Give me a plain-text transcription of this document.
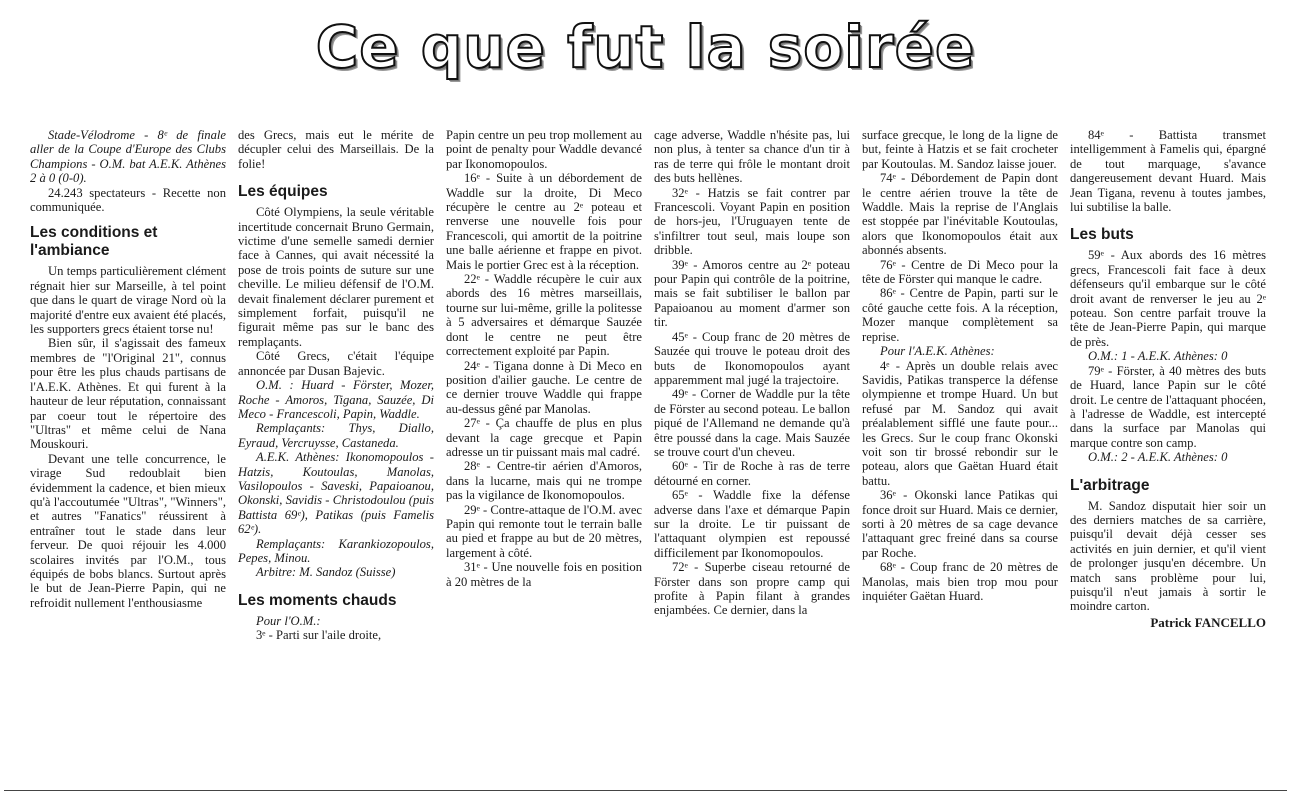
Ce que fut la soirée

Stade-Vélodrome - 8ᵉ de finale aller de la Coupe d'Europe des Clubs Champions - O.M. bat A.E.K. Athènes 2 à 0 (0-0).

24.243 spectateurs - Recette non communiquée.

Les conditions et l'ambiance

Un temps particulièrement clément régnait hier sur Marseille, à tel point que dans le quart de virage Nord où la majorité d'entre eux avaient été placés, les supporters grecs étaient torse nu!

Bien sûr, il s'agissait des fameux membres de "l'Original 21", connus pour être les plus chauds partisans de l'A.E.K. Athènes. Et qui furent à la hauteur de leur réputation, connaissant par coeur tout le répertoire des "Ultras" et même celui de Nana Mouskouri.

Devant une telle concurrence, le virage Sud redoublait bien évidemment la cadence, et bien mieux qu'à l'accoutumée "Ultras", "Winners", et autres "Fanatics" réussirent à entraîner tout le stade dans leur ferveur. De quoi réjouir les 4.000 scolaires invités par l'O.M., tous équipés de bobs blancs. Surtout après le but de Jean-Pierre Papin, qui ne refroidit nullement l'enthousiasme

des Grecs, mais eut le mérite de décupler celui des Marseillais. De la folie!

Les équipes

Côté Olympiens, la seule véritable incertitude concernait Bruno Germain, victime d'une semelle samedi dernier face à Cannes, qui avait nécessité la pose de trois points de suture sur une cheville. Le milieu défensif de l'O.M. devait finalement déclarer purement et simplement forfait, puisqu'il ne figurait même pas sur le banc des remplaçants.

Côté Grecs, c'était l'équipe annoncée par Dusan Bajevic.

O.M. : Huard - Förster, Mozer, Roche - Amoros, Tigana, Sauzée, Di Meco - Francescoli, Papin, Waddle.

Remplaçants: Thys, Diallo, Eyraud, Vercruysse, Castaneda.

A.E.K. Athènes: Ikonomopoulos - Hatzis, Koutoulas, Manolas, Vasilopoulos - Saveski, Papaioanou, Okonski, Savidis - Christodoulou (puis Battista 69ᵉ), Patikas (puis Famelis 62ᵉ).

Remplaçants: Karankiozopoulos, Pepes, Minou.

Arbitre: M. Sandoz (Suisse)

Les moments chauds

Pour l'O.M.:

3ᵉ - Parti sur l'aile droite,

Papin centre un peu trop mollement au point de penalty pour Waddle devancé par Ikonomopoulos.

16ᵉ - Suite à un débordement de Waddle sur la droite, Di Meco récupère le centre au 2ᵉ poteau et renverse une nouvelle fois pour Francescoli, qui amortit de la poitrine une balle aérienne et frappe en pivot. Mais le portier Grec est à la réception.

22ᵉ - Waddle récupère le cuir aux abords des 16 mètres marseillais, tourne sur lui-même, grille la politesse à 5 adversaires et démarque Sauzée dont le centre ne peut être correctement exploité par Papin.

24ᵉ - Tigana donne à Di Meco en position d'ailier gauche. Le centre de ce dernier trouve Waddle qui frappe au-dessus gêné par Manolas.

27ᵉ - Ça chauffe de plus en plus devant la cage grecque et Papin adresse un tir puissant mais mal cadré.

28ᵉ - Centre-tir aérien d'Amoros, dans la lucarne, mais qui ne trompe pas la vigilance de Ikonomopoulos.

29ᵉ - Contre-attaque de l'O.M. avec Papin qui remonte tout le terrain balle au pied et frappe au but de 20 mètres, largement à côté.

31ᵉ - Une nouvelle fois en position à 20 mètres de la

cage adverse, Waddle n'hésite pas, lui non plus, à tenter sa chance d'un tir à ras de terre qui frôle le montant droit des buts hellènes.

32ᵉ - Hatzis se fait contrer par Francescoli. Voyant Papin en position de hors-jeu, l'Uruguayen tente de s'infiltrer tout seul, mais loupe son dribble.

39ᵉ - Amoros centre au 2ᵉ poteau pour Papin qui contrôle de la poitrine, mais se fait subtiliser le ballon par Papaioanou au moment d'armer son tir.

45ᵉ - Coup franc de 20 mètres de Sauzée qui trouve le poteau droit des buts de Ikonomopoulos ayant apparemment mal jugé la trajectoire.

49ᵉ - Corner de Waddle pur la tête de Förster au second poteau. Le ballon piqué de l'Allemand ne demande qu'à être poussé dans la cage. Mais Sauzée se trouve court d'un cheveu.

60ᵉ - Tir de Roche à ras de terre détourné en corner.

65ᵉ - Waddle fixe la défense adverse dans l'axe et démarque Papin sur la droite. Le tir puissant de l'attaquant olympien est repoussé difficilement par Ikonomopoulos.

72ᵉ - Superbe ciseau retourné de Förster dans son propre camp qui profite à Papin filant à grandes enjambées. Ce dernier, dans la

surface grecque, le long de la ligne de but, feinte à Hatzis et se fait crocheter par Koutoulas. M. Sandoz laisse jouer.

74ᵉ - Débordement de Papin dont le centre aérien trouve la tête de Waddle. Mais la reprise de l'Anglais est stoppée par l'inévitable Koutoulas, alors que Ikonomopoulos était aux abonnés absents.

76ᵉ - Centre de Di Meco pour la tête de Förster qui manque le cadre.

86ᵉ - Centre de Papin, parti sur le côté gauche cette fois. A la réception, Mozer manque complètement sa reprise.

Pour l'A.E.K. Athènes:

4ᵉ - Après un double relais avec Savidis, Patikas transperce la défense olympienne et trompe Huard. Un but refusé par M. Sandoz qui avait préalablement sifflé une faute pour... les Grecs. Sur le coup franc Okonski voit son tir brossé rebondir sur le poteau, alors que Gaëtan Huard était battu.

36ᵉ - Okonski lance Patikas qui fonce droit sur Huard. Mais ce dernier, sorti à 20 mètres de sa cage devance l'attaquant grec freiné dans sa course par Roche.

68ᵉ - Coup franc de 20 mètres de Manolas, mais bien trop mou pour inquiéter Gaëtan Huard.

84ᵉ - Battista transmet intelligemment à Famelis qui, épargné de tout marquage, s'avance dangereusement devant Huard. Mais Jean Tigana, revenu à toutes jambes, lui subtilise la balle.

Les buts

59ᵉ - Aux abords des 16 mètres grecs, Francescoli fait face à deux défenseurs qu'il embarque sur le côté droit avant de renverser le jeu au 2ᵉ poteau. Son centre parfait trouve la tête de Jean-Pierre Papin, qui marque de près.

O.M.: 1 - A.E.K. Athènes: 0

79ᵉ - Förster, à 40 mètres des buts de Huard, lance Papin sur le côté droit. Le centre de l'attaquant phocéen, à l'adresse de Waddle, est intercepté dans la surface par Manolas qui marque contre son camp.

O.M.: 2 - A.E.K. Athènes: 0

L'arbitrage

M. Sandoz disputait hier soir un des derniers matches de sa carrière, puisqu'il devait déjà cesser ses activités en juin dernier, et qu'il vient de prolonger jusqu'en décembre. Un match sans problème pour lui, puisqu'il n'eut jamais à sortir le moindre carton.

Patrick FANCELLO
